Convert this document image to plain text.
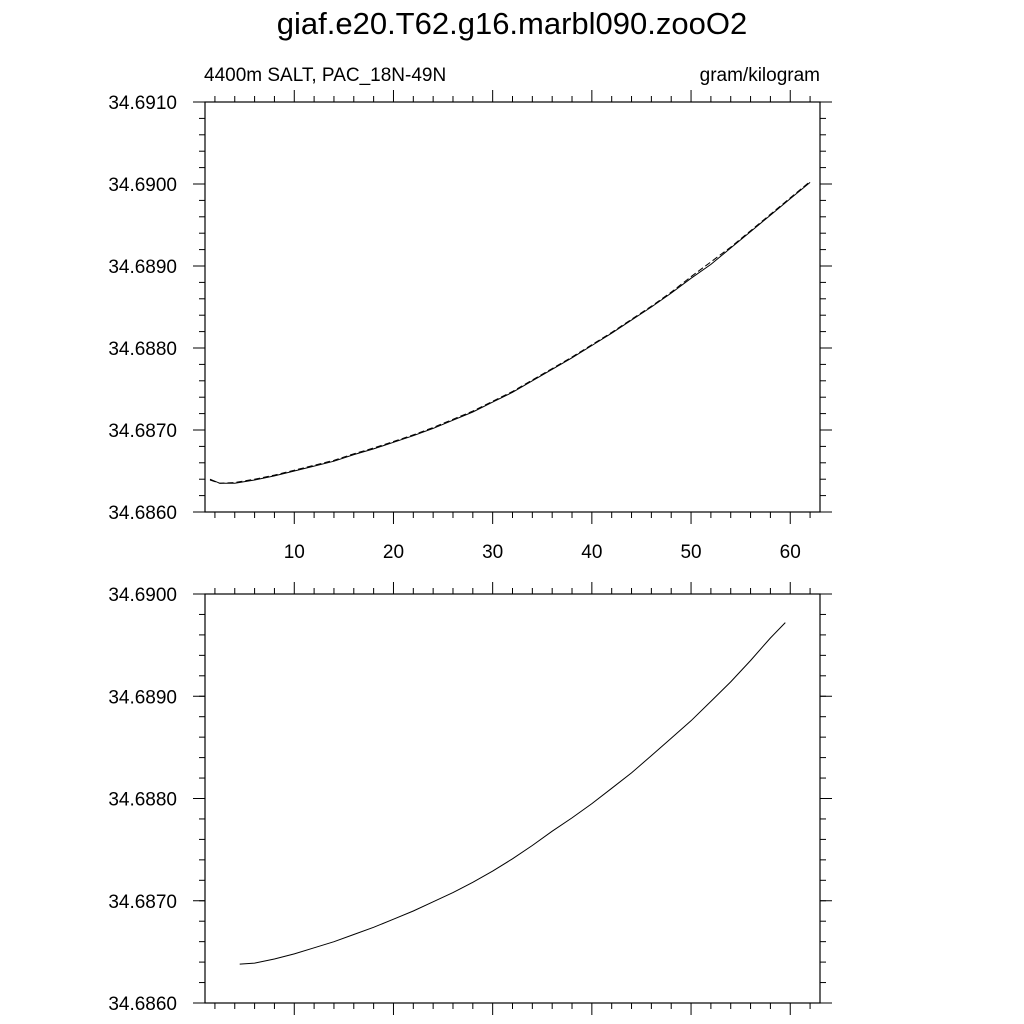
giaf.e20.T62.g16.marbl090.zooO2
4400m SALT, PAC_18N-49N	gram/kilogram
10	20	30	40	50	60
34.6860
34.6870
34.6880
34.6890
34.6900
34.6910
34.6860
34.6870
34.6880
34.6890
34.6900
